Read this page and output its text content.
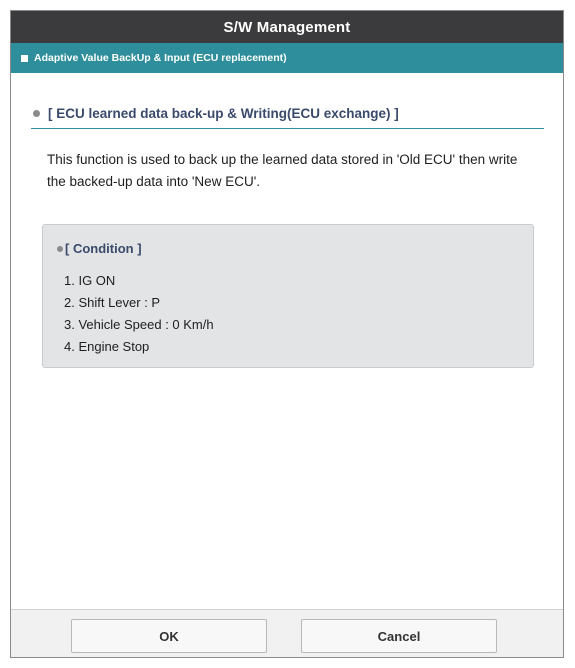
S/W Management
Adaptive Value BackUp & Input (ECU replacement)
[ ECU learned data back-up & Writing(ECU exchange) ]
This function is used to back up the learned data stored in 'Old ECU' then write the backed-up data into 'New ECU'.
[ Condition ]
1. IG ON
2. Shift Lever : P
3. Vehicle Speed : 0 Km/h
4. Engine Stop
OK	Cancel
